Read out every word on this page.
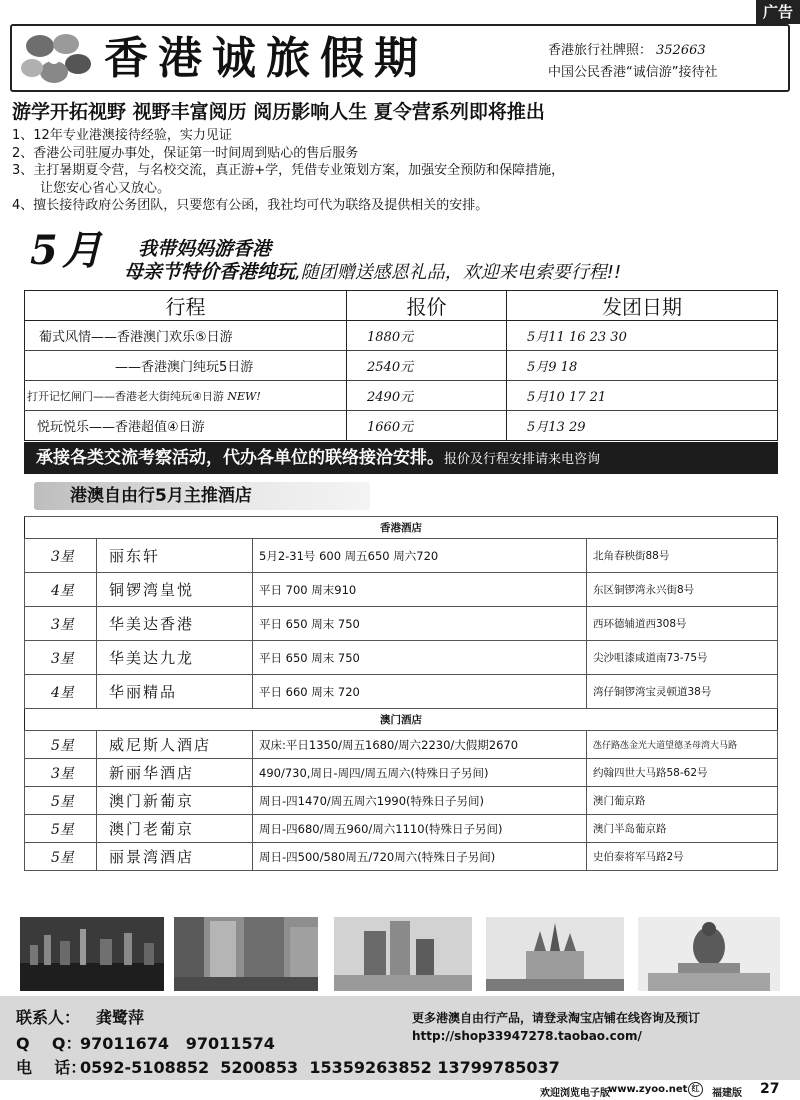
广告
香港诚旅假期	香港旅行社牌照： 352663
中国公民香港“诚信游”接待社
游学开拓视野 视野丰富阅历 阅历影响人生 夏令营系列即将推出
1、12年专业港澳接待经验，实力见证
2、香港公司驻厦办事处，保证第一时间周到贴心的售后服务
3、主打暑期夏令营，与名校交流，真正游+学，凭借专业策划方案，加强安全预防和保障措施，
让您安心省心又放心。
4、擅长接待政府公务团队，只要您有公函，我社均可代为联络及提供相关的安排。
5月 我带妈妈游香港
母亲节特价香港纯玩,随团赠送感恩礼品，欢迎来电索要行程!!
行程	报价	发团日期
葡式风情——香港澳门欢乐⑤日游	1880元	5月11 16 23 30
——香港澳门纯玩5日游	2540元	5月9 18
打开记忆闸门——香港老大街纯玩④日游 NEW!	2490元	5月10 17 21
悦玩悦乐——香港超值④日游	1660元	5月13 29
承接各类交流考察活动，代办各单位的联络接洽安排。报价及行程安排请来电咨询
港澳自由行5月主推酒店
香港酒店			
3星	丽东轩	5月2-31号 600 周五650 周六720	北角春秧街88号
4星	铜锣湾皇悦	平日 700 周末910	东区铜锣湾永兴街8号
3星	华美达香港	平日 650 周末 750	西环德辅道西308号
3星	华美达九龙	平日 650 周末 750	尖沙咀漆咸道南73-75号
4星	华丽精品	平日 660 周末 720	湾仔铜锣湾宝灵顿道38号
澳门酒店			
5星	威尼斯人酒店	双床:平日1350/周五1680/周六2230/大假期2670	氹仔路氹金光大道望德圣母湾大马路
3星	新丽华酒店	490/730,周日-周四/周五周六(特殊日子另间)	约翰四世大马路58-62号
5星	澳门新葡京	周日-四1470/周五周六1990(特殊日子另间)	澳门葡京路
5星	澳门老葡京	周日-四680/周五960/周六1110(特殊日子另间)	澳门半岛葡京路
5星	丽景湾酒店	周日-四500/580周五/720周六(特殊日子另间)	史伯泰将军马路2号
联系人： 龚鹭萍
Q    Q：
97011674   97011574
电    话：
0592-5108852  5200853  15359263852 13799785037
更多港澳自由行产品，请登录淘宝店铺在线咨询及预订
http://shop33947278.taobao.com/
欢迎浏览电子版
www.zyoo.net 红	福建版 27
